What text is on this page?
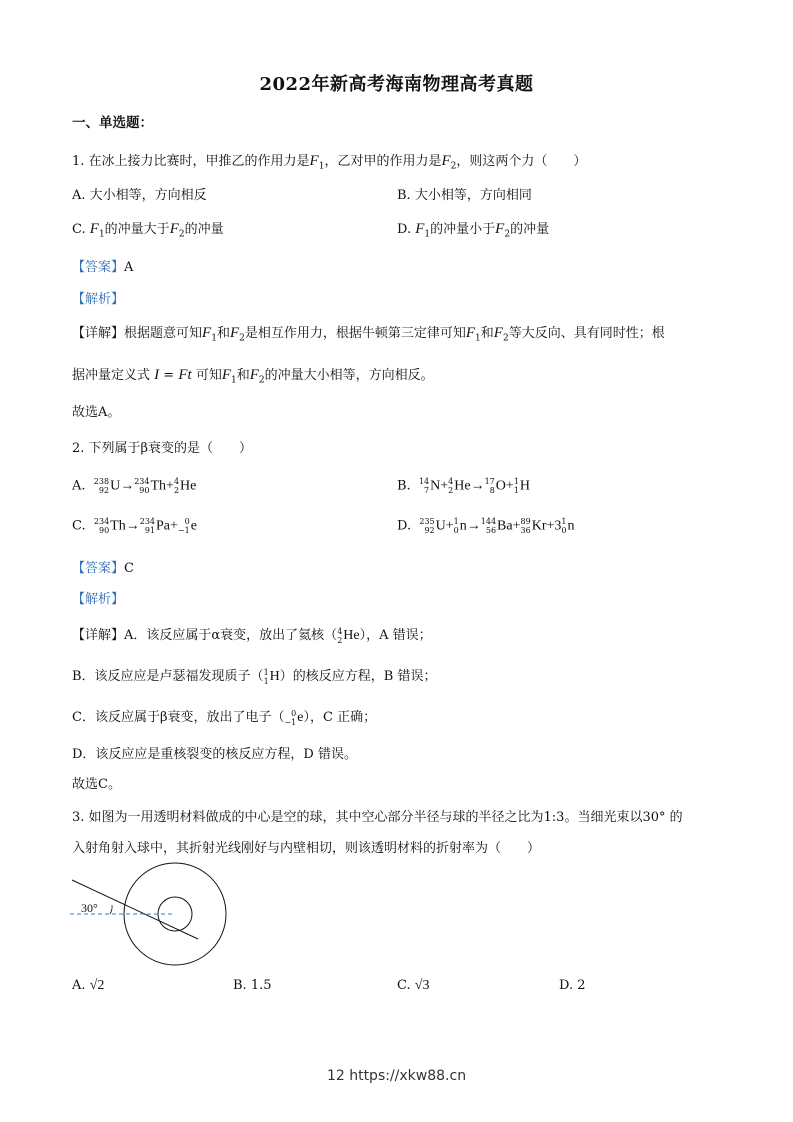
2022年新高考海南物理高考真题
一、单选题：
1. 在冰上接力比赛时，甲推乙的作用力是$F_1$，乙对甲的作用力是$F_2$，则这两个力（　　）
A. 大小相等，方向相反	B. 大小相等，方向相同
C. $F_1$的冲量大于$F_2$的冲量	D. $F_1$的冲量小于$F_2$的冲量
【答案】A
【解析】
【详解】根据题意可知$F_1$和$F_2$是相互作用力，根据牛顿第三定律可知$F_1$和$F_2$等大反向、具有同时性；根
据冲量定义式 I = Ft 可知$F_1$和$F_2$的冲量大小相等，方向相反。
故选A。
2. 下列属于β衰变的是（　　）
A. 238
92 U→ 234
90 Th+ 4
2 He	B. 14
7 N+ 4
2 He→ 17
8 O+ 1
1 H
C. 234
90 Th→ 234
91 Pa+ 0
−1 e	D. 235
92 U+ 1
0 n→ 144
56 Ba+ 89
36 Kr+3 1
0 n
【答案】C
【解析】
【详解】A．该反应属于α衰变，放出了氦核（ 4
2 He），A 错误；
B．该反应应是卢瑟福发现质子（ 1
1 H）的核反应方程，B 错误；
C．该反应属于β衰变，放出了电子（ 0
−1 e），C 正确；
D．该反应应是重核裂变的核反应方程，D 错误。
故选C。
3. 如图为一用透明材料做成的中心是空的球，其中空心部分半径与球的半径之比为1:3。当细光束以30° 的
入射角射入球中，其折射光线刚好与内壁相切，则该透明材料的折射率为（　　）
30°
A. √2	B. 1.5	C. √3	D. 2
12 https://xkw88.cn
